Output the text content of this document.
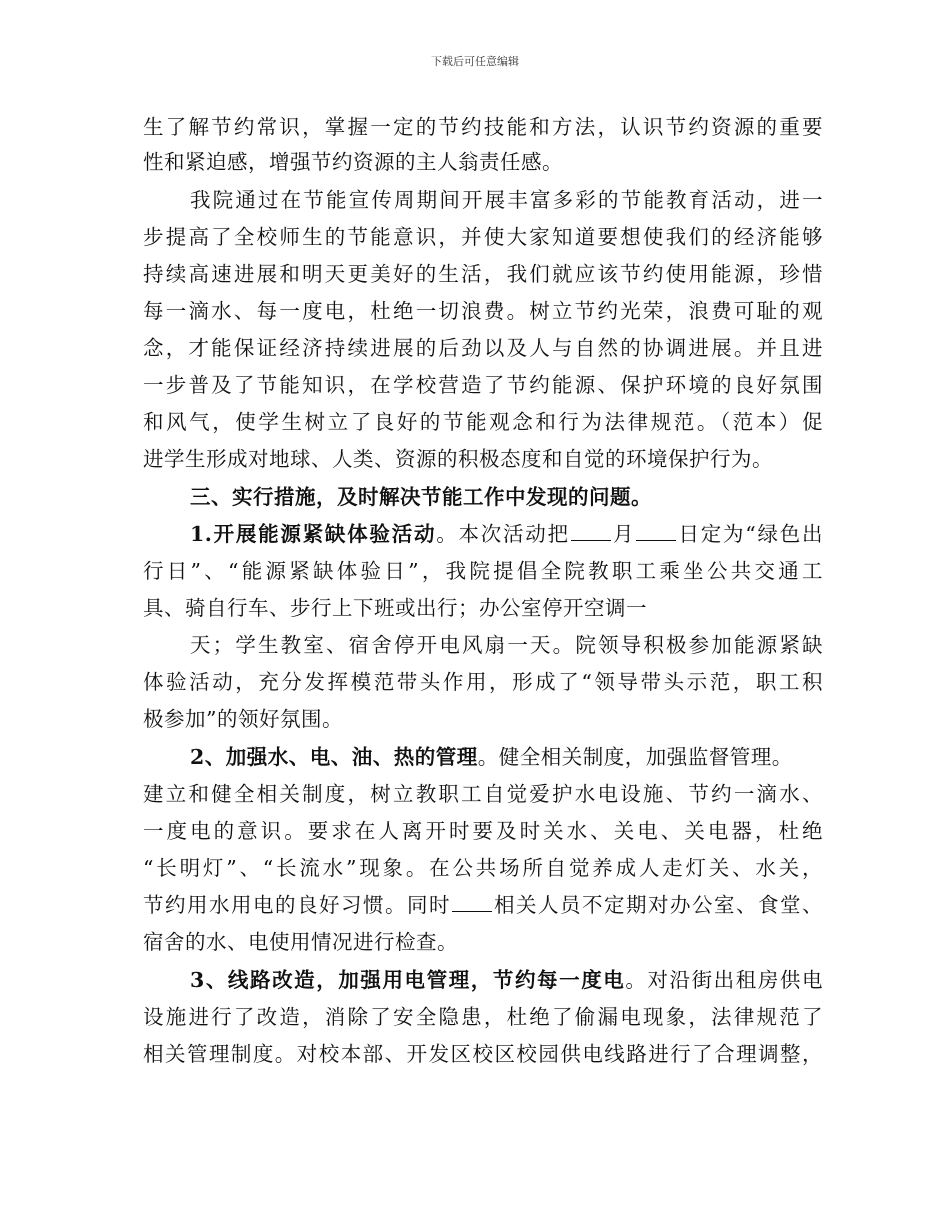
下载后可任意编辑
生了解节约常识，掌握一定的节约技能和方法，认识节约资源的重要
性和紧迫感，增强节约资源的主人翁责任感。
我院通过在节能宣传周期间开展丰富多彩的节能教育活动，进一
步提高了全校师生的节能意识，并使大家知道要想使我们的经济能够
持续高速进展和明天更美好的生活，我们就应该节约使用能源，珍惜
每一滴水、每一度电，杜绝一切浪费。树立节约光荣，浪费可耻的观
念，才能保证经济持续进展的后劲以及人与自然的协调进展。并且进
一步普及了节能知识，在学校营造了节约能源、保护环境的良好氛围
和风气，使学生树立了良好的节能观念和行为法律规范。（范本）促
进学生形成对地球、人类、资源的积极态度和自觉的环境保护行为。
三、实行措施，及时解决节能工作中发现的问题。
1.开展能源紧缺体验活动。本次活动把 月 日定为“绿色出
行日”、“能源紧缺体验日”，我院提倡全院教职工乘坐公共交通工
具、骑自行车、步行上下班或出行；办公室停开空调一
天；学生教室、宿舍停开电风扇一天。院领导积极参加能源紧缺
体验活动，充分发挥模范带头作用，形成了“领导带头示范，职工积
极参加”的领好氛围。
2、加强水、电、油、热的管理。健全相关制度，加强监督管理。
建立和健全相关制度，树立教职工自觉爱护水电设施、节约一滴水、
一度电的意识。要求在人离开时要及时关水、关电、关电器，杜绝
“长明灯”、“长流水”现象。在公共场所自觉养成人走灯关、水关，
节约用水用电的良好习惯。同时 相关人员不定期对办公室、食堂、
宿舍的水、电使用情况进行检查。
3、线路改造，加强用电管理，节约每一度电。对沿街出租房供电
设施进行了改造，消除了安全隐患，杜绝了偷漏电现象，法律规范了
相关管理制度。对校本部、开发区校区校园供电线路进行了合理调整，
